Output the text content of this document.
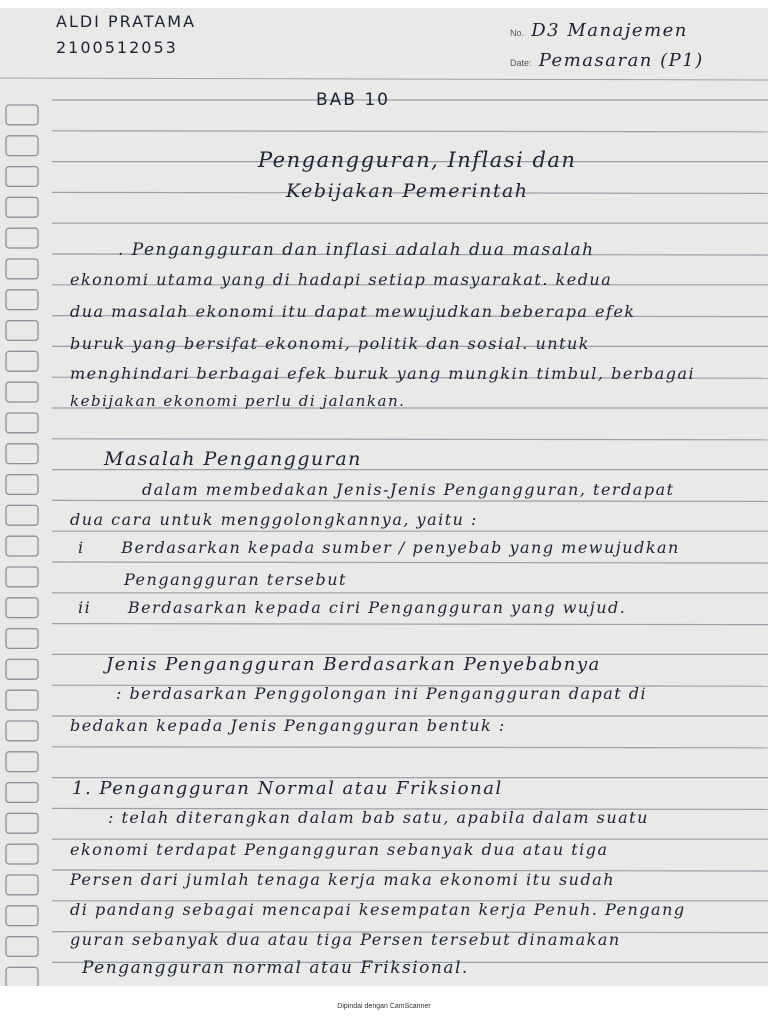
ALDI PRATAMA
2100512053
No. D3 Manajemen
Date: Pemasaran (P1)
BAB 10
Pengangguran, Inflasi dan
Kebijakan Pemerintah
. Pengangguran dan inflasi adalah dua masalah
ekonomi utama yang di hadapi setiap masyarakat. kedua
dua masalah ekonomi itu dapat mewujudkan beberapa efek
buruk yang bersifat ekonomi, politik dan sosial. untuk
menghindari berbagai efek buruk yang mungkin timbul, berbagai
kebijakan ekonomi perlu di jalankan.
Masalah Pengangguran
dalam membedakan Jenis-Jenis Pengangguran, terdapat
dua cara untuk menggolongkannya, yaitu :
i Berdasarkan kepada sumber / penyebab yang mewujudkan
Pengangguran tersebut
ii Berdasarkan kepada ciri Pengangguran yang wujud.
Jenis Pengangguran Berdasarkan Penyebabnya
: berdasarkan Penggolongan ini Pengangguran dapat di
bedakan kepada Jenis Pengangguran bentuk :
1. Pengangguran Normal atau Friksional
: telah diterangkan dalam bab satu, apabila dalam suatu
ekonomi terdapat Pengangguran sebanyak dua atau tiga
Persen dari jumlah tenaga kerja maka ekonomi itu sudah
di pandang sebagai mencapai kesempatan kerja Penuh. Pengang
guran sebanyak dua atau tiga Persen tersebut dinamakan
Pengangguran normal atau Friksional.
Dipindai dengan CamScanner
